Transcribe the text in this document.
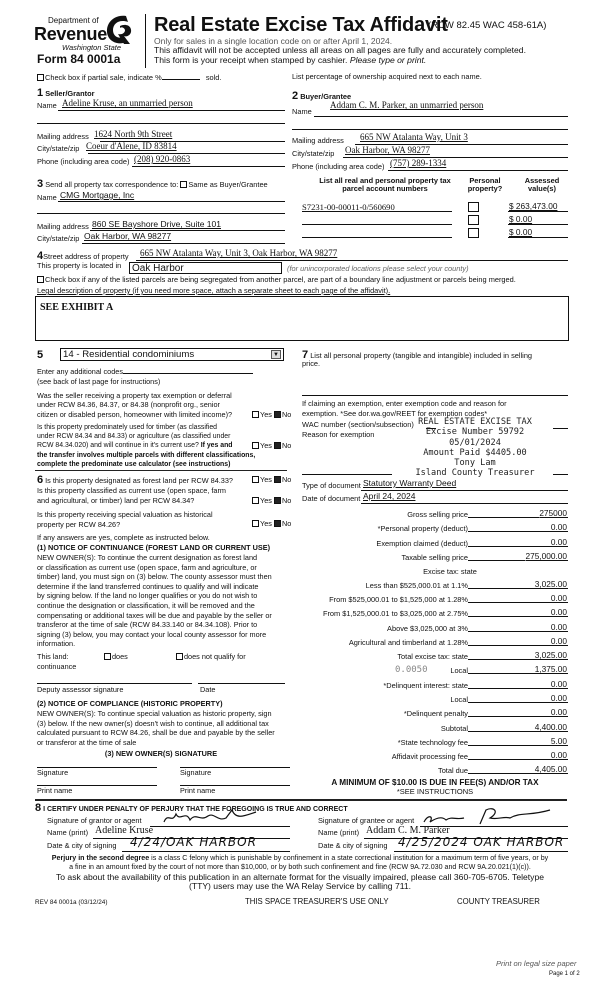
Department of
Revenue
Washington State
Form 84 0001a
Real Estate Excise Tax Affidavit
(RCW 82.45 WAC 458-61A)
Only for sales in a single location code on or after April 1, 2024.
This affidavit will not be accepted unless all areas on all pages are fully and accurately completed.
This form is your receipt when stamped by cashier. Please type or print.
Check box if partial sale, indicate %	sold.	List percentage of ownership acquired next to each name.
1 Seller/Grantor
Name Adeline Kruse, an unmarried person
Mailing address 1624 North 9th Street
City/state/zip Coeur d'Alene, ID 83814
Phone (including area code) (208) 920-0863
2 Buyer/Grantee
Name
Addam C. M. Parker, an unmarried person
Mailing address 665 NW Atalanta Way, Unit 3
City/state/zip Oak Harbor, WA 98277
Phone (including area code) (757) 289-1334
3 Send all property tax correspondence to: Same as Buyer/Grantee
Name CMG Mortgage, Inc
Mailing address 860 SE Bayshore Drive, Suite 101
City/state/zip Oak Harbor, WA 98277
List all real and personal property tax
parcel account numbers
Personal
property?
Assessed
value(s)
S7231-00-00011-0/560690	$ 263,473.00
$ 0.00
$ 0.00
4Street address of property 665 NW Atalanta Way, Unit 3, Oak Harbor, WA 98277
This property is located in	Oak Harbor	(for unincorporated locations please select your county)
Check box if any of the listed parcels are being segregated from another parcel, are part of a boundary line adjustment or parcels being merged.
Legal description of property (if you need more space, attach a separate sheet to each page of the affidavit).
SEE EXHIBIT A
5	14 - Residential condominiums	▼
Enter any additional codes
(see back of last page for instructions)
Was the seller receiving a property tax exemption or deferral
under RCW 84.36, 84.37, or 84.38 (nonprofit org., senior
citizen or disabled person, homeowner with limited income)?	Yes No
Is this property predominately used for timber (as classified
under RCW 84.34 and 84.33) or agriculture (as classified under
RCW 84.34.020) and will continue in it's current use? If yes and
the transfer involves multiple parcels with different classifications,
complete the predominate use calculator (see instructions)
Yes No
6 Is this property designated as forest land per RCW 84.33?	Yes No
Is this property classified as current use (open space, farm
and agricultural, or timber) land per RCW 84.34?	Yes No
Is this property receiving special valuation as historical
property per RCW 84.26?	Yes No
If any answers are yes, complete as instructed below.
(1) NOTICE OF CONTINUANCE (FOREST LAND OR CURRENT USE)
NEW OWNER(S): To continue the current designation as forest land
or classification as current use (open space, farm and agriculture, or
timber) land, you must sign on (3) below. The county assessor must then
determine if the land transferred continues to qualify and will indicate
by signing below. If the land no longer qualifies or you do not wish to
continue the designation or classification, it will be removed and the
compensating or additional taxes will be due and payable by the seller or
transferor at the time of sale (RCW 84.33.140 or 84.34.108). Prior to
signing (3) below, you may contact your local county assessor for more
information.
This land:
continuance
does	does not qualify for
Deputy assessor signature	Date
(2) NOTICE OF COMPLIANCE (HISTORIC PROPERTY)
NEW OWNER(S): To continue special valuation as historic property, sign
(3) below. If the new owner(s) doesn't wish to continue, all additional tax
calculated pursuant to RCW 84.26, shall be due and payable by the seller
or transferor at the time of sale
(3) NEW OWNER(S) SIGNATURE
Signature	Signature
Print name	Print name
7 List all personal property (tangible and intangible) included in selling
price.
If claiming an exemption, enter exemption code and reason for
exemption. *See dor.wa.gov/REET for exemption codes*
WAC number (section/subsection)
Reason for exemption
REAL ESTATE EXCISE TAX
Excise Number 59792
05/01/2024
Amount Paid $4405.00
Tony Lam
Island County Treasurer
Type of document Statutory Warranty Deed
Date of document April 24, 2024
Gross selling price	275000
*Personal property (deduct)	0.00
Exemption claimed (deduct)	0.00
Taxable selling price	275,000.00
Excise tax: state
Less than $525,000.01 at 1.1%	3,025.00
From $525,000.01 to $1,525,000 at 1.28%	0.00
From $1,525,000.01 to $3,025,000 at 2.75%	0.00
Above $3,025,000 at 3%	0.00
Agricultural and timberland at 1.28%	0.00
Total excise tax: state	3,025.00
Local	1,375.00
*Delinquent interest: state	0.00
Local	0.00
*Delinquent penalty	0.00
Subtotal	4,400.00
*State technology fee	5.00
Affidavit processing fee	0.00
Total due	4,405.00
0.0050
A MINIMUM OF $10.00 IS DUE IN FEE(S) AND/OR TAX
*SEE INSTRUCTIONS
8 I CERTIFY UNDER PENALTY OF PERJURY THAT THE FOREGOING IS TRUE AND CORRECT
Signature of grantor or agent
Name (print) Adeline Kruse
Date & city of signing 4/24/OAK HARBOR
Signature of grantee or agent
Name (print) Addam C. M. Parker
Date & city of signing 4/25/2024 OAK HARBOR
Perjury in the second degree is a class C felony which is punishable by confinement in a state correctional institution for a maximum term of five years, or by
a fine in an amount fixed by the court of not more than $10,000, or by both such confinement and fine (RCW 9A.72.030 and RCW 9A.20.021(1)(c)).
To ask about the availability of this publication in an alternate format for the visually impaired, please call 360-705-6705. Teletype
(TTY) users may use the WA Relay Service by calling 711.
REV 84 0001a (03/12/24)	THIS SPACE TREASURER'S USE ONLY	COUNTY TREASURER
Print on legal size paper
Page 1 of 2
